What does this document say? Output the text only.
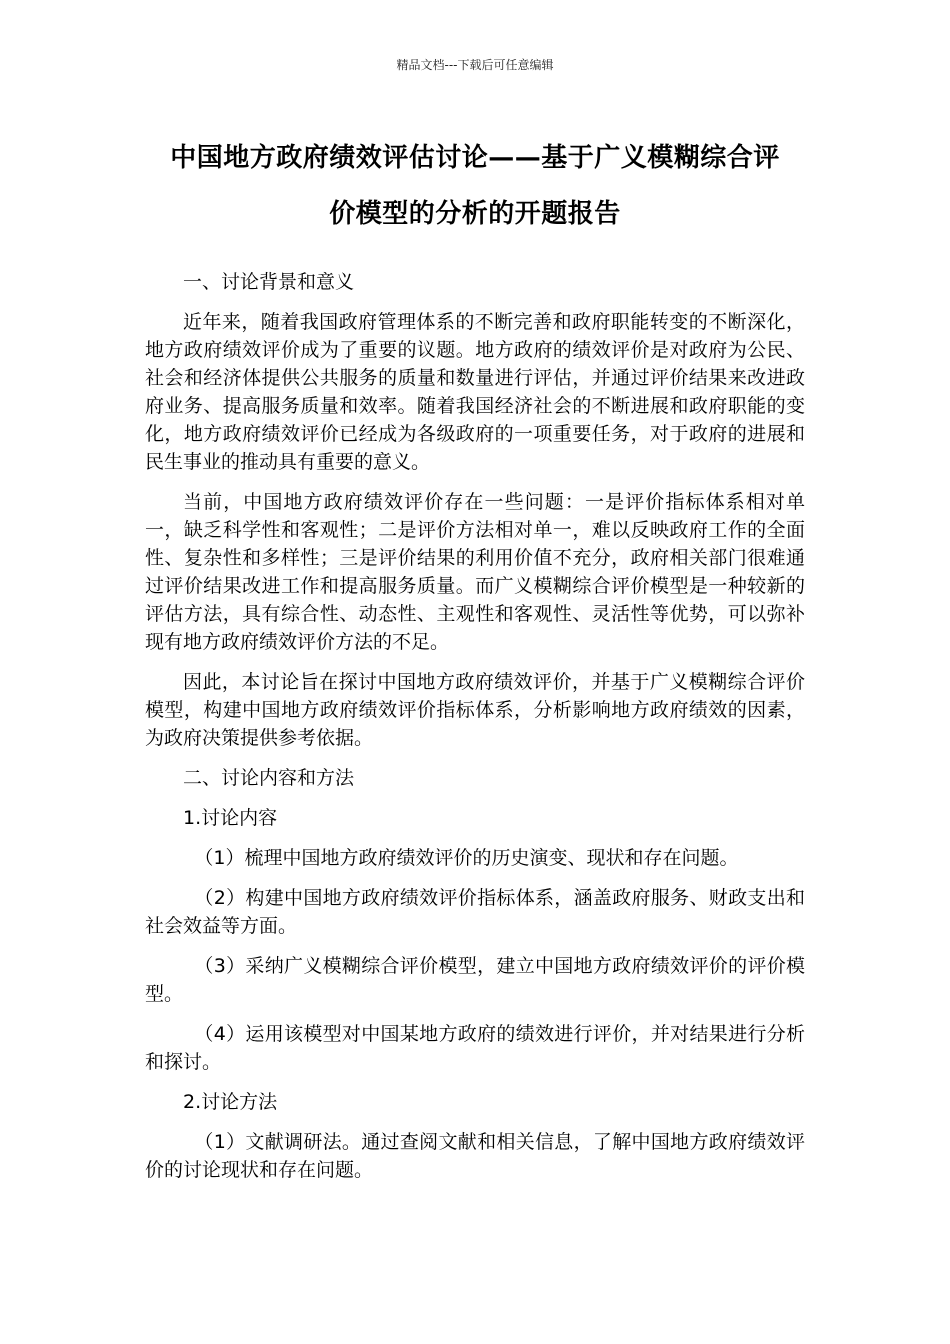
精品文档---下载后可任意编辑
中国地方政府绩效评估讨论——基于广义模糊综合评
价模型的分析的开题报告

一、讨论背景和意义

近年来，随着我国政府管理体系的不断完善和政府职能转变的不断深化，地方政府绩效评价成为了重要的议题。地方政府的绩效评价是对政府为公民、社会和经济体提供公共服务的质量和数量进行评估，并通过评价结果来改进政府业务、提高服务质量和效率。随着我国经济社会的不断进展和政府职能的变化，地方政府绩效评价已经成为各级政府的一项重要任务，对于政府的进展和民生事业的推动具有重要的意义。

当前，中国地方政府绩效评价存在一些问题：一是评价指标体系相对单一，缺乏科学性和客观性；二是评价方法相对单一，难以反映政府工作的全面性、复杂性和多样性；三是评价结果的利用价值不充分，政府相关部门很难通过评价结果改进工作和提高服务质量。而广义模糊综合评价模型是一种较新的评估方法，具有综合性、动态性、主观性和客观性、灵活性等优势，可以弥补现有地方政府绩效评价方法的不足。

因此，本讨论旨在探讨中国地方政府绩效评价，并基于广义模糊综合评价模型，构建中国地方政府绩效评价指标体系，分析影响地方政府绩效的因素，为政府决策提供参考依据。

二、讨论内容和方法

1.讨论内容

（1）梳理中国地方政府绩效评价的历史演变、现状和存在问题。

（2）构建中国地方政府绩效评价指标体系，涵盖政府服务、财政支出和社会效益等方面。

（3）采纳广义模糊综合评价模型，建立中国地方政府绩效评价的评价模型。

（4）运用该模型对中国某地方政府的绩效进行评价，并对结果进行分析和探讨。

2.讨论方法

（1）文献调研法。通过查阅文献和相关信息，了解中国地方政府绩效评价的讨论现状和存在问题。
